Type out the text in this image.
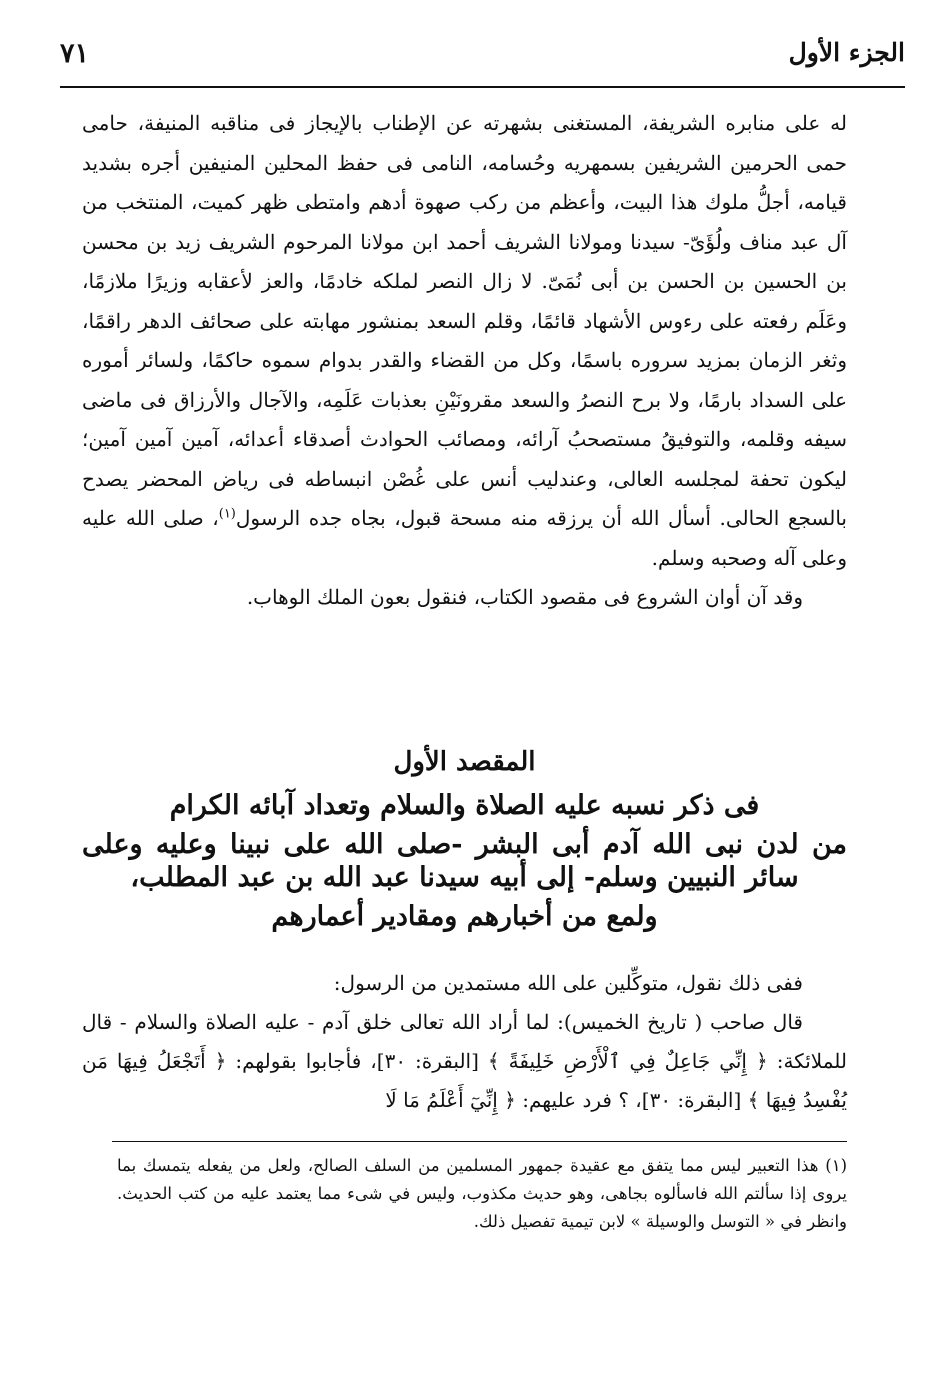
الجزء الأول
٧١

له على منابره الشريفة، المستغنى بشهرته عن الإطناب بالإيجاز فى مناقبه المنيفة، حامى حمى الحرمين الشريفين بسمهريه وحُسامه، النامى فى حفظ المحلين المنيفين أجره بشديد قيامه، أجلُّ ملوك هذا البيت، وأعظم من ركب صهوة أدهم وامتطى ظهر كميت، المنتخب من آل عبد مناف ولُؤَىّ- سيدنا ومولانا الشريف أحمد ابن مولانا المرحوم الشريف زيد بن محسن بن الحسين بن الحسن بن أبى نُمَىّ. لا زال النصر لملكه خادمًا، والعز لأعقابه وزيرًا ملازمًا، وعَلَم رفعته على رءوس الأشهاد قائمًا، وقلم السعد بمنشور مهابته على صحائف الدهر راقمًا، وثغر الزمان بمزيد سروره باسمًا، وكل من القضاء والقدر بدوام سموه حاكمًا، ولسائر أموره على السداد بارمًا، ولا برح النصرُ والسعد مقرونَيْنِ بعذبات عَلَمِه، والآجال والأرزاق فى ماضى سيفه وقلمه، والتوفيقُ مستصحبُ آرائه، ومصائب الحوادث أصدقاء أعدائه، آمين آمين آمين؛ ليكون تحفة لمجلسه العالى، وعندليب أنس على غُصْن انبساطه فى رياض المحضر يصدح بالسجع الحالى. أسأل الله أن يرزقه منه مسحة قبول، بجاه جده الرسول$^{(١)}$، صلى الله عليه وعلى آله وصحبه وسلم.

وقد آن أوان الشروع فى مقصود الكتاب، فنقول بعون الملك الوهاب.

المقصد الأول
فى ذكر نسبه عليه الصلاة والسلام وتعداد آبائه الكرام
من لدن نبى الله آدم أبى البشر -صلى الله على نبينا وعليه وعلى سائر النبيين وسلم- إلى أبيه سيدنا عبد الله بن عبد المطلب،
ولمع من أخبارهم ومقادير أعمارهم

ففى ذلك نقول، متوكِّلين على الله مستمدين من الرسول:

قال صاحب ( تاريخ الخميس): لما أراد الله تعالى خلق آدم - عليه الصلاة والسلام - قال للملائكة: ﴿ إِنِّي جَاعِلٌ فِي ٱلْأَرْضِ خَلِيفَةً ﴾ [البقرة: ٣٠]، فأجابوا بقولهم: ﴿ أَتَجْعَلُ فِيهَا مَن يُفْسِدُ فِيهَا ﴾ [البقرة: ٣٠]، ؟ فرد عليهم: ﴿ إِنِّيٓ أَعْلَمُ مَا لَا

(١) هذا التعبير ليس مما يتفق مع عقيدة جمهور المسلمين من السلف الصالح، ولعل من يفعله يتمسك بما يروى إذا سألتم الله فاسألوه بجاهى، وهو حديث مكذوب، وليس في شىء مما يعتمد عليه من كتب الحديث. وانظر في « التوسل والوسيلة » لابن تيمية تفصيل ذلك.
